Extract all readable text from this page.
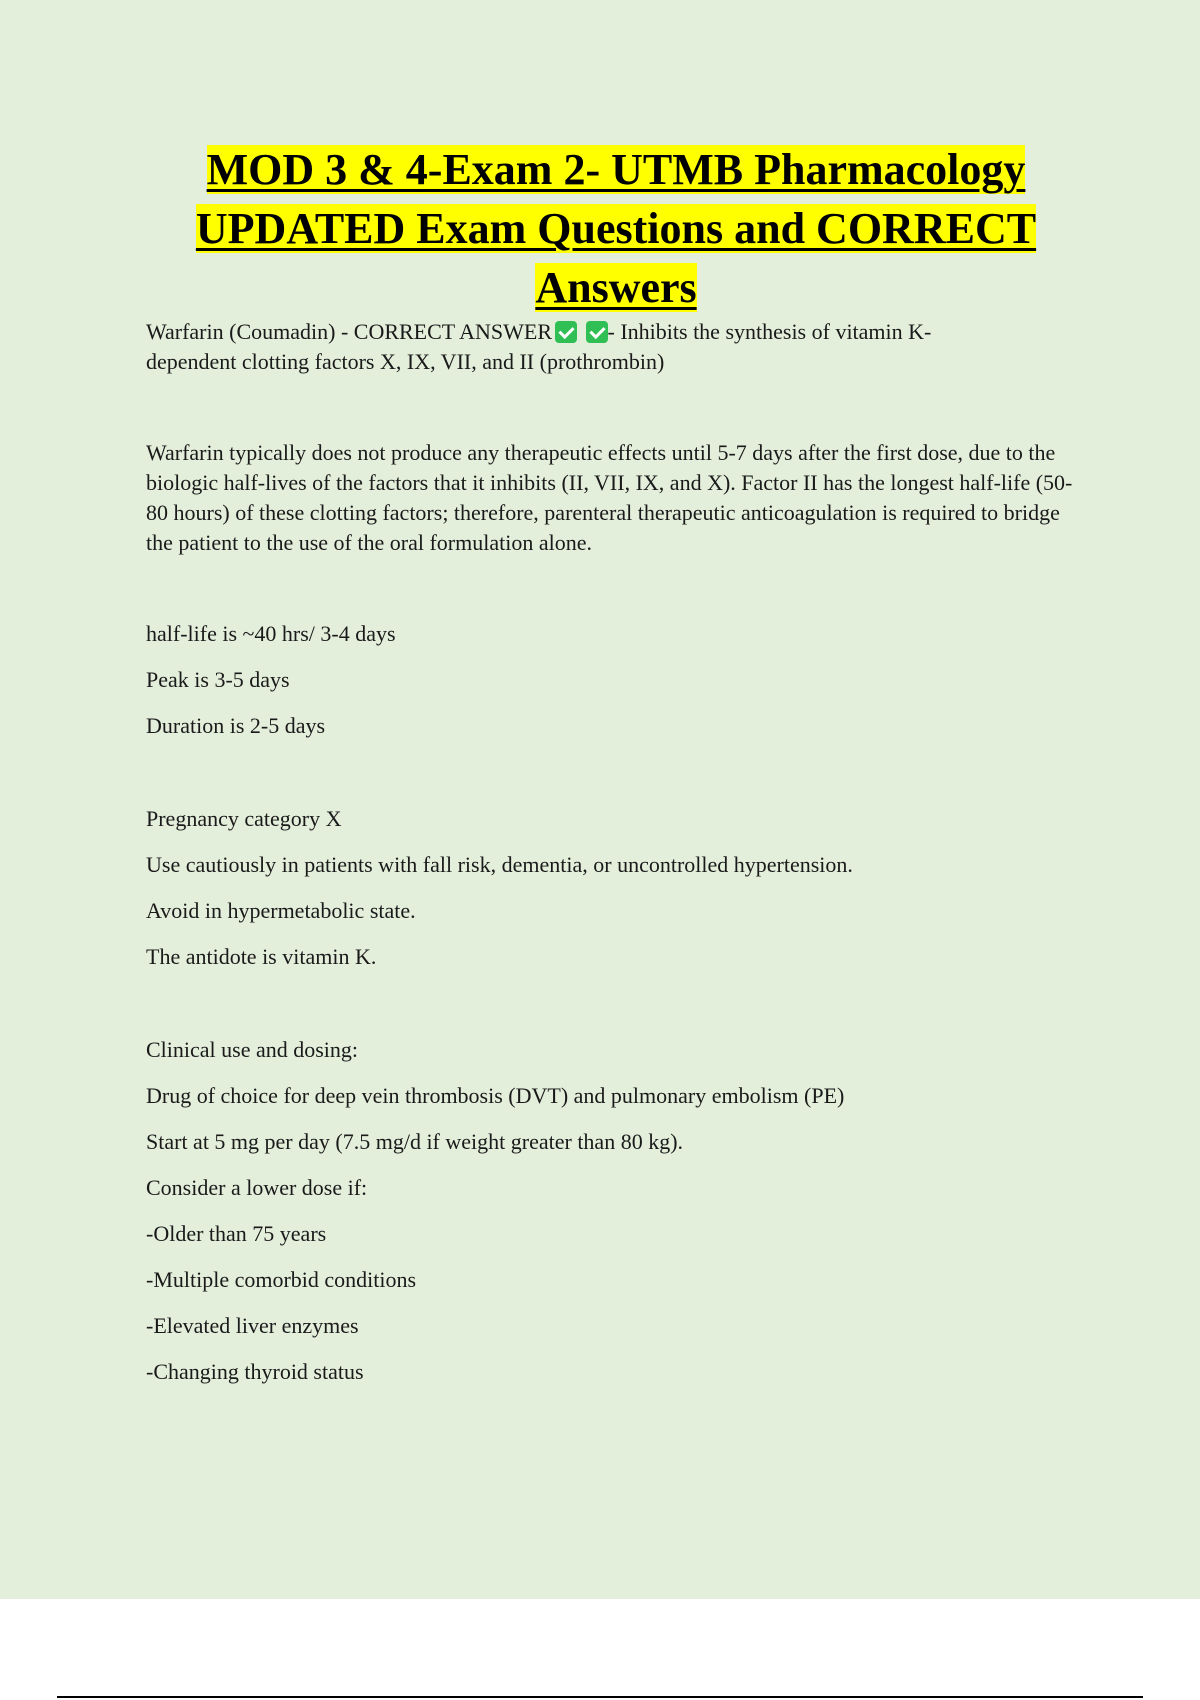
MOD 3 & 4-Exam 2- UTMB Pharmacology
UPDATED Exam Questions and CORRECT
Answers

Warfarin (Coumadin) - CORRECT ANSWER	- Inhibits the synthesis of vitamin K-
dependent clotting factors X, IX, VII, and II (prothrombin)

Warfarin typically does not produce any therapeutic effects until 5-7 days after the first dose, due to the biologic half-lives of the factors that it inhibits (II, VII, IX, and X). Factor II has the longest half-life (50-80 hours) of these clotting factors; therefore, parenteral therapeutic anticoagulation is required to bridge the patient to the use of the oral formulation alone.

half-life is ~40 hrs/ 3-4 days

Peak is 3-5 days

Duration is 2-5 days

Pregnancy category X

Use cautiously in patients with fall risk, dementia, or uncontrolled hypertension.

Avoid in hypermetabolic state.

The antidote is vitamin K.

Clinical use and dosing:

Drug of choice for deep vein thrombosis (DVT) and pulmonary embolism (PE)

Start at 5 mg per day (7.5 mg/d if weight greater than 80 kg).

Consider a lower dose if:

-Older than 75 years

-Multiple comorbid conditions

-Elevated liver enzymes

-Changing thyroid status
